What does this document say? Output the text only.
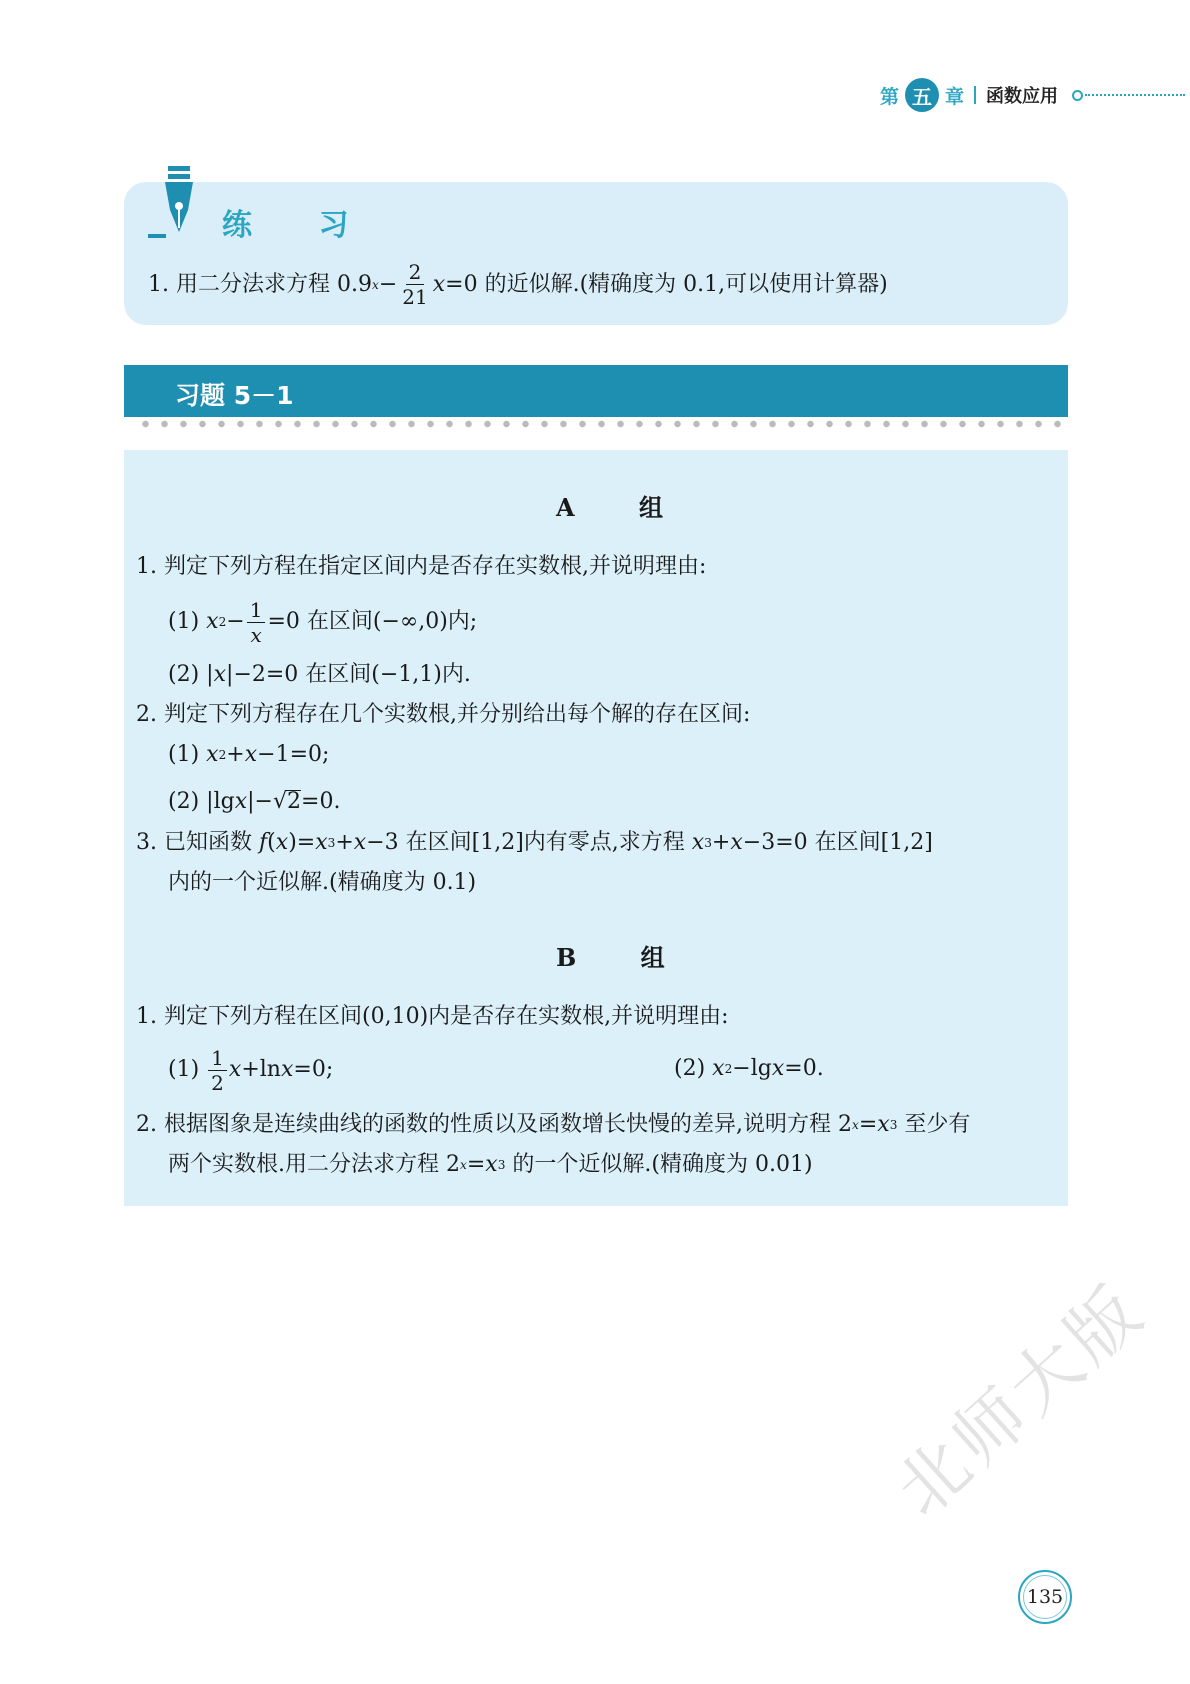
第 五 章 函数应用
练 习
1.
用二分法求方程
0.9 $x - \frac{2}{21}$ x =0
的近似解.(精确度为 0.1,可以使用计算器)
习题 5－1
A 组
1.
判定下列方程在指定区间内是否存在实数根,并说明理由:
(1)
x $2 - \frac{1}{x} =0$ 在区间(−∞,0)内;
(2)
| x | −2=0 在区间(−1,1)内.
2.
判定下列方程存在几个实数根,并分别给出每个解的存在区间:
(1)
x 2 + x −1=0;
(2)
|lg x |− √ 2 =0.
3.
已知函数
f ( x )= x 3 + x −3 在区间[1,2]内有零点,求方程
x 3 + x −3=0 在区间[1,2]
内的一个近似解.(精确度为 0.1)
B 组
1.
判定下列方程在区间(0,10)内是否存在实数根,并说明理由:
(1)
$\frac{1}{2}$ x +ln x =0;	(2)
x 2 −lg x =0.
2.
根据图象是连续曲线的函数的性质以及函数增长快慢的差异,说明方程
2 x = x 3
至少有
两个实数根.用二分法求方程
2 x = x 3
的一个近似解.(精确度为 0.01)
北师大版
135
